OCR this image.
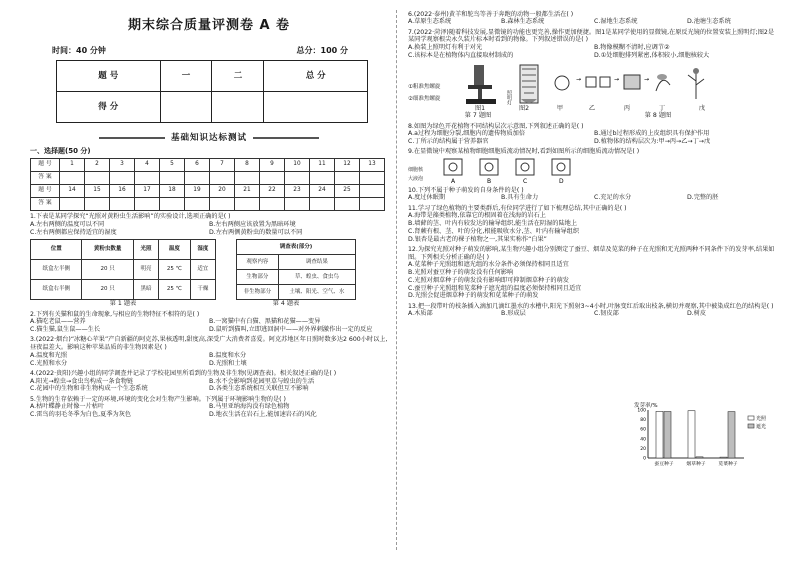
期末综合质量评测卷 A 卷
时间：40 分钟	总分：100 分
题 号	一	二	总 分
得 分			
基础知识达标测试
一、选择题(50 分)
题 号	1	2	3	4	5	6	7	8	9	10	11	12	13
答 案													
题 号	14	15	16	17	18	19	20	21	22	23	24	25	
答 案													
1.下表是某同学探究“光照对黄粉虫生活影响”的实验设计,选项正确的是( )
A.左右两侧的温度可以不同	B.左右两侧应该放置为黑暗环境
C.左右两侧都应保持适宜的湿度	D.左右两侧黄粉虫的数量可以不同
位置	黄粉虫数量	光照	温度	湿度
纸盒左半侧	20 只	明亮	25 ℃	适宜
纸盒右半侧	20 只	黑暗	25 ℃	干燥
调查表(部分)	
观察内容	调查结果
生物部分	草、蝗虫、食虫鸟
非生物部分	土壤、阳光、空气、水
第 1 题表	第 4 题表
2.下列有关猫和鼠的生命现象,与相应的生物特征不相符的是( )
A.猫吃老鼠——营养	B.一窝猫中有白猫、黑猫和花猫——变异
C.猫生猫,鼠生鼠——生长	D.鼠听到猫叫,立即逃回洞中——对外界刺激作出一定的反应
3.(2022·烟台)“冰糖心苹果”产自新疆的阿克苏,果核透明,甜度高,深受广大消费者喜爱。阿克苏地区年日照时数多达2 600小时以上,昼夜温差大。影响这种苹果品质的非生物因素是( )
A.温度和光照	B.温度和水分
C.光照和水分	D.光照和土壤
4.(2022·贵阳)兴趣小组的同学调查并记录了学校花园里所看到的生物及非生物(见调查表)。相关叙述正确的是( )
A.阳光→蝗虫→食虫鸟构成一条食物链	B.水不会影响到花园里草与蝗虫的生活
C.花园中的生物和非生物构成一个生态系统	D.各类生态系统相互关联但互不影响
5.生物的生存依赖于一定的环境,环境的变化会对生物产生影响。下列属于环境影响生物的是( )
A.枯叶蝶静止时像一片枯叶	B.马里亚纳海沟没有绿色植物
C.雷鸟的羽毛冬季为白色,夏季为灰色	D.地衣生活在岩石上,能加速岩石的风化
6.(2022·泰州)黄羊和鸵鸟等善于奔跑的动物一般都生活在( )
A.草原生态系统	B.森林生态系统	C.湿地生态系统	D.池塘生态系统
7.(2022·菏泽)随着科技发展,显微镜的功能也更完善,操作更加便捷。图1是某同学使用的显微镜,在原反光镜的位置安装上照明灯;图2是某同学观察根尖永久装片标本时看到的物像。下列叙述错误的是( )
A.换装上照明灯有利于对光	B.物像模糊不清时,应调节②
C.该标本是在植物体内直接取材制成的	D.①处细胞排列紧密,体积较小,细胞核较大
①粗准焦螺旋
②细准焦螺旋	照明灯
→	→	→
图1	图2	甲	乙	丙	丁	戊
第 7 题图	第 8 题图
8.如图为绿色开花植物不同结构层次示意图,下列叙述正确的是( )
A.a过程为细胞分裂,细胞内的遗传物质加倍	B.通过b过程形成的上皮组织具有保护作用
C.丁所示的结构属于营养器官	D.植物体的结构层次为:甲→丙→乙→丁→戊
9.在显微镜中观察某植物细胞细胞质流动情况时,看到如图所示的细胞质流动情况是( )
细胞核
大液泡	A	B	C	D
10.下列不属于种子萌发的自身条件的是( )
A.度过休眠期	B.具有生命力	C.充足的水分	D.完整的胚
11.学习了绿色植物的主要类群后,有位同学进行了如下梳理总结,其中正确的是( )
A.海带是藻类植物,依靠它的根固着在浅海的岩石上
B.墙藓的茎、叶内有较发达的输导组织,能生活在阴湿的陆地上
C.肾蕨有根、茎、叶的分化,根能吸收水分,茎、叶内有输导组织
D.银杏是最古老的裸子植物之一,其果实称作“白果”
12.为探究光照对种子萌发的影响,某生物兴趣小组分别测定了蚕豆、烟草及苋菜的种子在光照和无光照两种不同条件下的发芽率,结果如图。下列相关分析正确的是( )
A.苋菜种子光照组和遮光组的水分条件必须保持相同且适宜
B.光照对蚕豆种子的萌发没有任何影响
C.光照对烟草种子的萌发没有影响即可抑制烟草种子的萌发
C.蚕豆种子光照组和苋菜种子遮光组的温度必须保持相同且适宜
D.光照会促进烟草种子的萌发和苋菜种子的萌发
13.把一段带叶的枝条插入滴加几滴红墨水的水槽中,阳光下照射3~4小时,叶脉变红后取出枝条,横切并观察,其中被染成红色的结构是( )
A.木质部	B.形成层	C.韧皮部	D.树皮
发芽率/%
0
20
40
60
80
100
蚕豆种子	烟草种子	苋菜种子
光照
遮光
